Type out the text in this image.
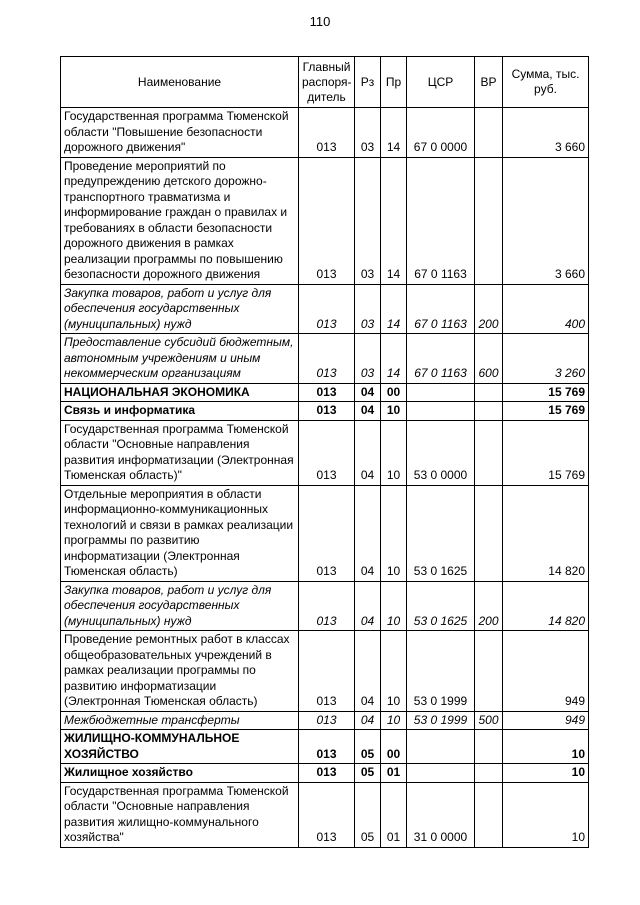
110
Наименование	Главный распоря-дитель	Рз	Пр	ЦСР	ВР	Сумма, тыс. руб.
Государственная программа Тюменской области "Повышение безопасности дорожного движения"	013	03	14	67 0 0000		3 660
Проведение мероприятий по предупреждению детского дорожно-транспортного травматизма и информирование граждан о правилах и требованиях в области безопасности дорожного движения в рамках реализации программы по повышению безопасности дорожного движения	013	03	14	67 0 1163		3 660
Закупка товаров, работ и услуг для обеспечения государственных (муниципальных) нужд	013	03	14	67 0 1163	200	400
Предоставление субсидий бюджетным, автономным учреждениям и иным некоммерческим организациям	013	03	14	67 0 1163	600	3 260
НАЦИОНАЛЬНАЯ ЭКОНОМИКА	013	04	00			15 769
Связь и информатика	013	04	10			15 769
Государственная программа Тюменской области "Основные направления развития информатизации (Электронная Тюменская область)"	013	04	10	53 0 0000		15 769
Отдельные мероприятия в области информационно-коммуникационных технологий и связи в рамках реализации программы по развитию информатизации (Электронная Тюменская область)	013	04	10	53 0 1625		14 820
Закупка товаров, работ и услуг для обеспечения государственных (муниципальных) нужд	013	04	10	53 0 1625	200	14 820
Проведение ремонтных работ в классах общеобразовательных учреждений в рамках реализации программы по развитию информатизации (Электронная Тюменская область)	013	04	10	53 0 1999		949
Межбюджетные трансферты	013	04	10	53 0 1999	500	949
ЖИЛИЩНО-КОММУНАЛЬНОЕ ХОЗЯЙСТВО	013	05	00			10
Жилищное хозяйство	013	05	01			10
Государственная программа Тюменской области "Основные направления развития жилищно-коммунального хозяйства"	013	05	01	31 0 0000		10
